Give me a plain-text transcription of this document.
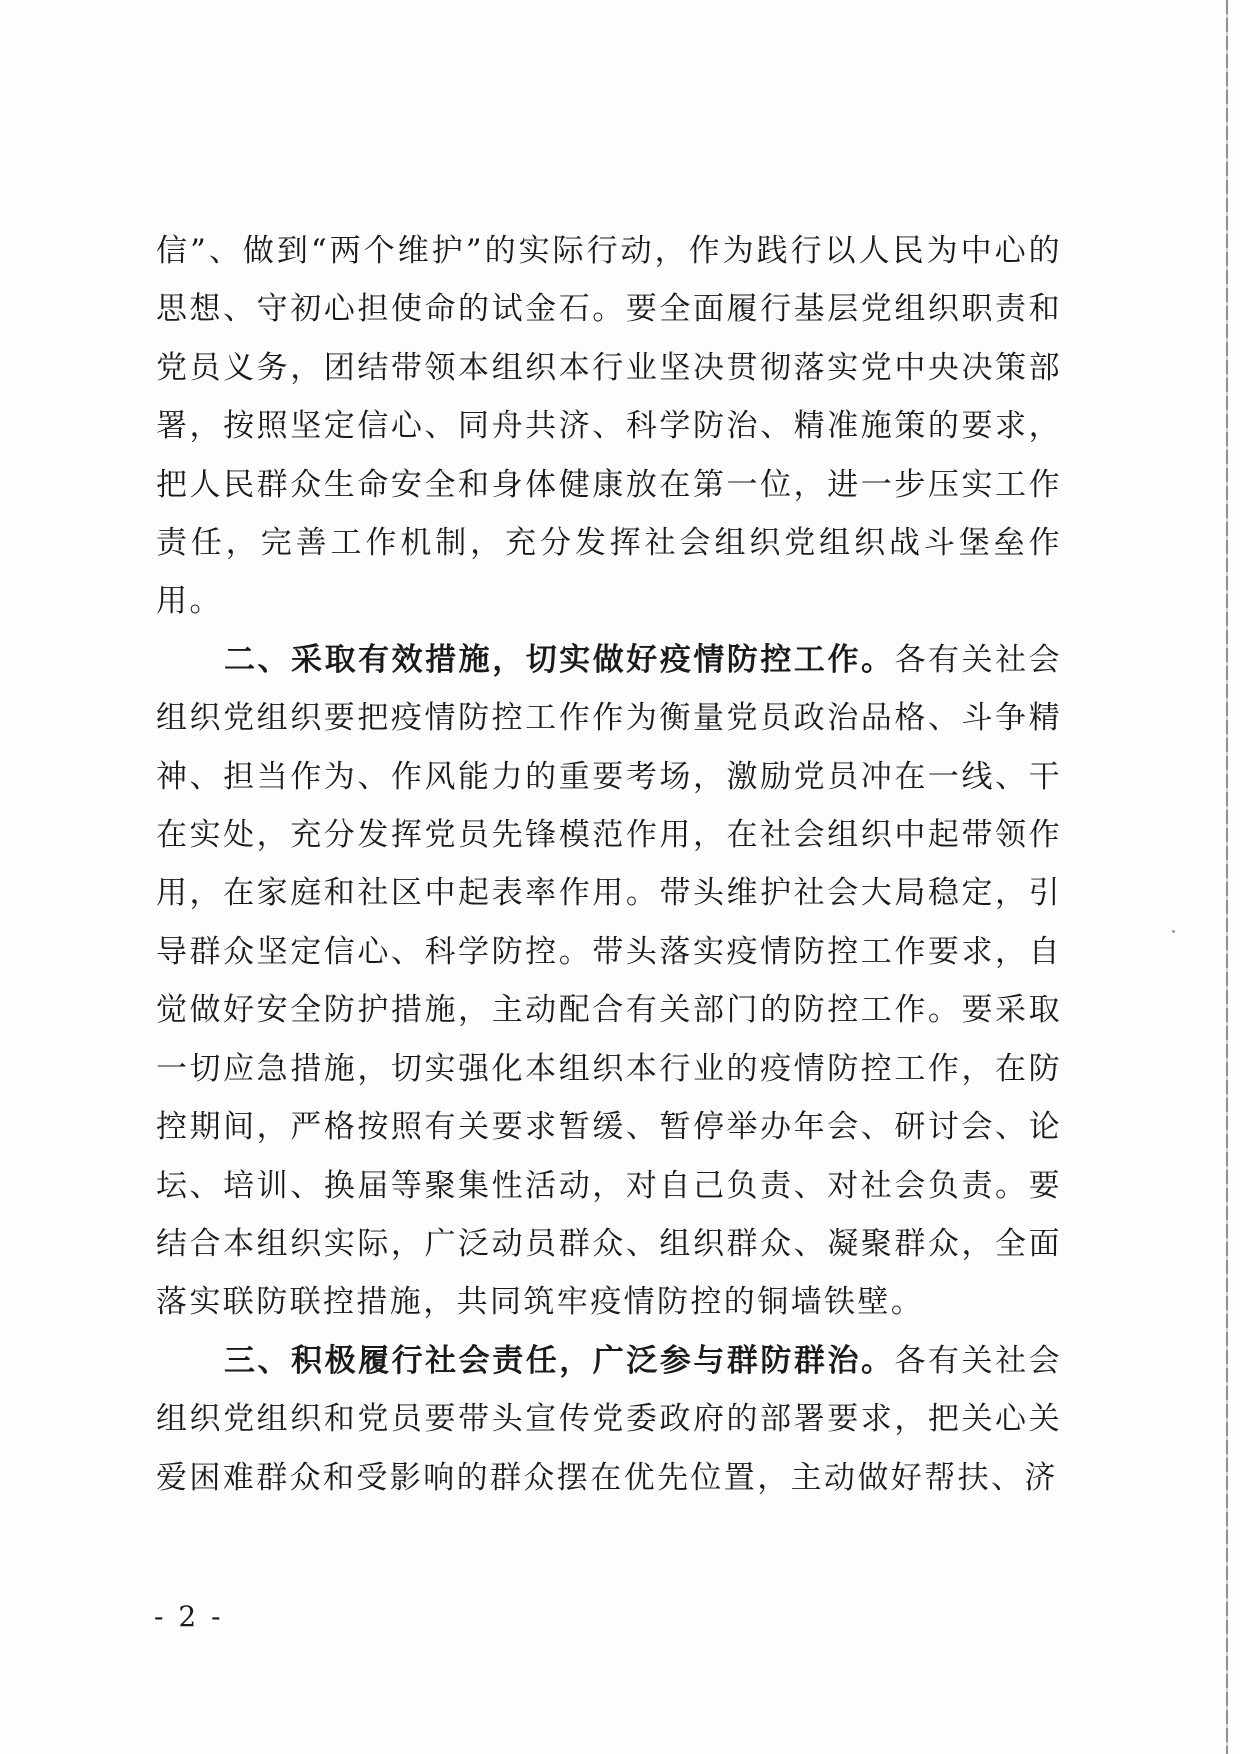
信”、做到“两个维护”的实际行动，作为践行以人民为中心的思想、守初心担使命的试金石。要全面履行基层党组织职责和党员义务，团结带领本组织本行业坚决贯彻落实党中央决策部署，按照坚定信心、同舟共济、科学防治、精准施策的要求，把人民群众生命安全和身体健康放在第一位，进一步压实工作责任，完善工作机制，充分发挥社会组织党组织战斗堡垒作用。

二、采取有效措施，切实做好疫情防控工作。各有关社会组织党组织要把疫情防控工作作为衡量党员政治品格、斗争精神、担当作为、作风能力的重要考场，激励党员冲在一线、干在实处，充分发挥党员先锋模范作用，在社会组织中起带领作用，在家庭和社区中起表率作用。带头维护社会大局稳定，引导群众坚定信心、科学防控。带头落实疫情防控工作要求，自觉做好安全防护措施，主动配合有关部门的防控工作。要采取一切应急措施，切实强化本组织本行业的疫情防控工作，在防控期间，严格按照有关要求暂缓、暂停举办年会、研讨会、论坛、培训、换届等聚集性活动，对自己负责、对社会负责。要结合本组织实际，广泛动员群众、组织群众、凝聚群众，全面落实联防联控措施，共同筑牢疫情防控的铜墙铁壁。

三、积极履行社会责任，广泛参与群防群治。各有关社会组织党组织和党员要带头宣传党委政府的部署要求，把关心关爱困难群众和受影响的群众摆在优先位置，主动做好帮扶、济

- 2 -
